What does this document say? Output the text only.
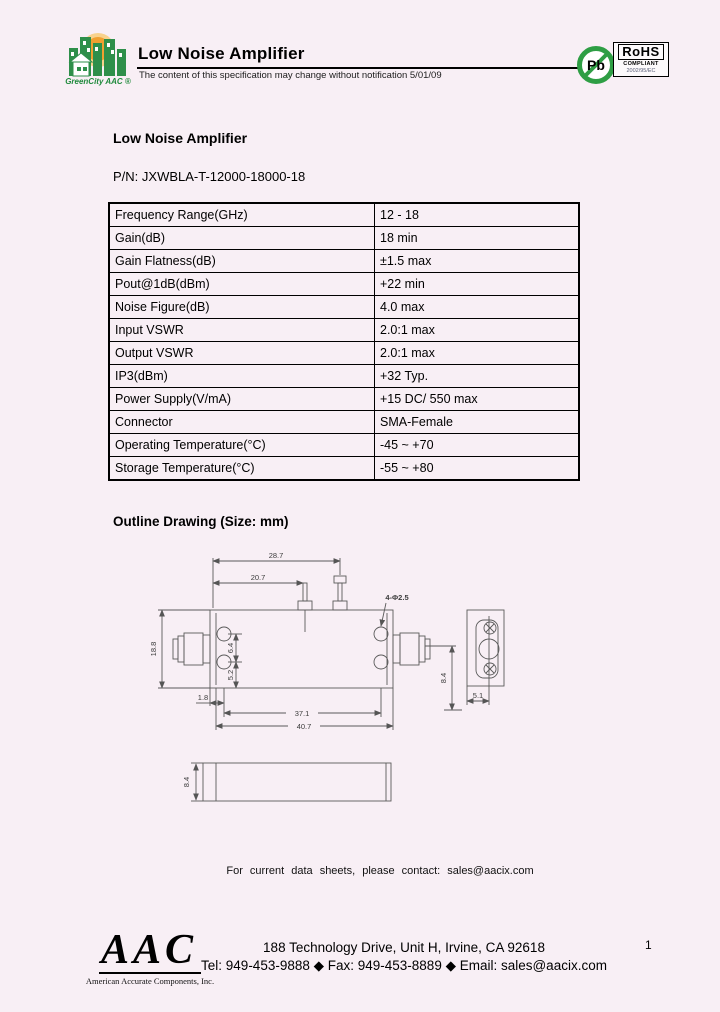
GreenCity AAC ®
Low Noise Amplifier
The content of this specification may change without notification 5/01/09
Pb
RoHS
COMPLIANT
2002/95/EC
Low Noise Amplifier
P/N: JXWBLA-T-12000-18000-18
Frequency Range(GHz)	12 - 18
Gain(dB)	18 min
Gain Flatness(dB)	±1.5 max
Pout@1dB(dBm)	+22 min
Noise Figure(dB)	4.0 max
Input VSWR	2.0:1 max
Output VSWR	2.0:1 max
IP3(dBm)	+32 Typ.
Power Supply(V/mA)	+15 DC/ 550 max
Connector	SMA-Female
Operating Temperature(°C)	-45 ~ +70
Storage Temperature(°C)	-55 ~ +80
Outline Drawing (Size: mm)
28.7
20.7
4-Φ2.5
18.8	6.4
5.2
1.8
37.1
40.7
8.4
5.1
8.4
For current data sheets, please contact: sales@aacix.com
AAC
American Accurate Components, Inc.
188 Technology Drive, Unit H, Irvine, CA 92618
Tel: 949-453-9888 ◆ Fax: 949-453-8889 ◆ Email: sales@aacix.com
1
